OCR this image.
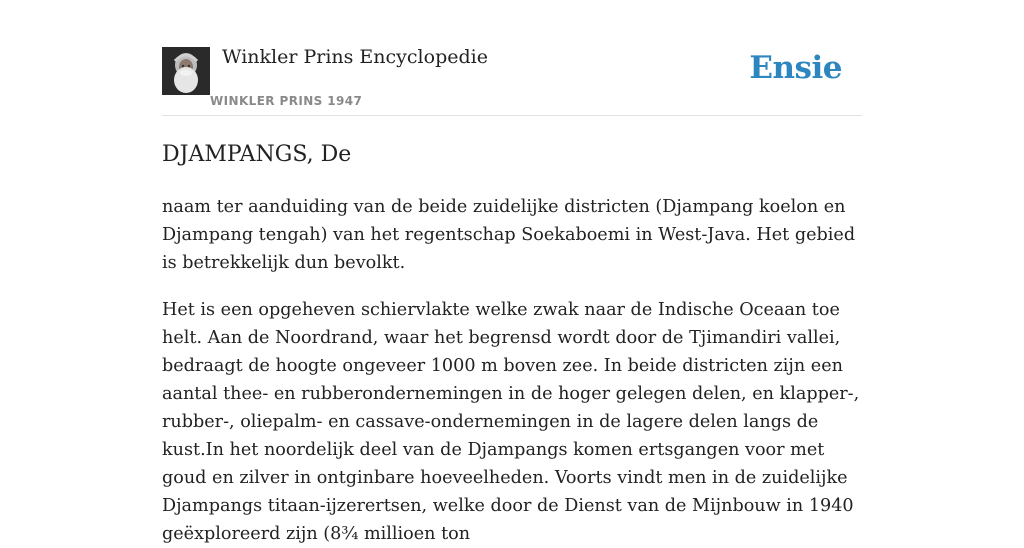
Winkler Prins Encyclopedie
WINKLER PRINS 1947
Ensie
DJAMPANGS, De

naam ter aanduiding van de beide zuidelijke districten (Djampang koelon en Djampang tengah) van het regentschap Soekaboemi in West-Java. Het gebied is betrekkelijk dun bevolkt.

Het is een opgeheven schiervlakte welke zwak naar de Indische Oceaan toe helt. Aan de Noordrand, waar het begrensd wordt door de Tjimandiri vallei, bedraagt de hoogte ongeveer 1000 m boven zee. In beide districten zijn een aantal thee- en rubberondernemingen in de hoger gelegen delen, en klapper-, rubber-, oliepalm- en cassave-ondernemingen in de lagere delen langs de kust.In het noordelijk deel van de Djampangs komen ertsgangen voor met goud en zilver in ontginbare hoeveelheden. Voorts vindt men in de zuidelijke Djampangs titaan-ijzerertsen, welke door de Dienst van de Mijnbouw in 1940 geëxploreerd zijn (8¾ millioen ton
